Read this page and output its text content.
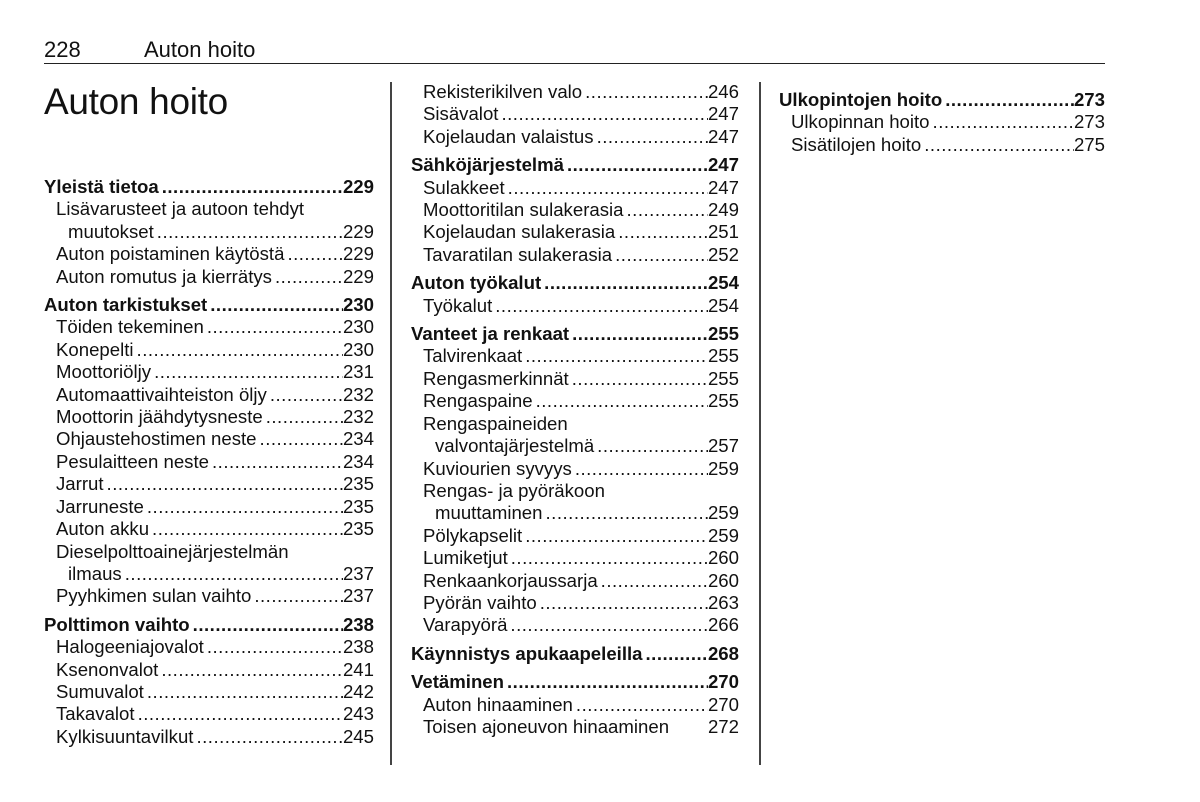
228	Auton hoito
Auton hoito
Yleistä tietoa .....	229
Lisävarusteet ja autoon tehdyt
muutokset .....	229
Auton poistaminen käytöstä .....	229
Auton romutus ja kierrätys .....	229
Auton tarkistukset .....	230
Töiden tekeminen .....	230
Konepelti .....	230
Moottoriöljy .....	231
Automaattivaihteiston öljy .....	232
Moottorin jäähdytysneste .....	232
Ohjaustehostimen neste .....	234
Pesulaitteen neste .....	234
Jarrut .....	235
Jarruneste .....	235
Auton akku .....	235
Dieselpolttoainejärjestelmän
ilmaus .....	237
Pyyhkimen sulan vaihto .....	237
Polttimon vaihto .....	238
Halogeeniajovalot .....	238
Ksenonvalot .....	241
Sumuvalot .....	242
Takavalot .....	243
Kylkisuuntavilkut .....	245
Rekisterikilven valo .....	246
Sisävalot .....	247
Kojelaudan valaistus .....	247
Sähköjärjestelmä .....	247
Sulakkeet .....	247
Moottoritilan sulakerasia .....	249
Kojelaudan sulakerasia .....	251
Tavaratilan sulakerasia .....	252
Auton työkalut .....	254
Työkalut .....	254
Vanteet ja renkaat .....	255
Talvirenkaat .....	255
Rengasmerkinnät .....	255
Rengaspaine .....	255
Rengaspaineiden
valvontajärjestelmä .....	257
Kuviourien syvyys .....	259
Rengas- ja pyöräkoon
muuttaminen .....	259
Pölykapselit .....	259
Lumiketjut .....	260
Renkaankorjaussarja .....	260
Pyörän vaihto .....	263
Varapyörä .....	266
Käynnistys apukaapeleilla .....	268
Vetäminen .....	270
Auton hinaaminen .....	270
Toisen ajoneuvon hinaaminen 272
Ulkopintojen hoito .....	273
Ulkopinnan hoito .....	273
Sisätilojen hoito .....	275
